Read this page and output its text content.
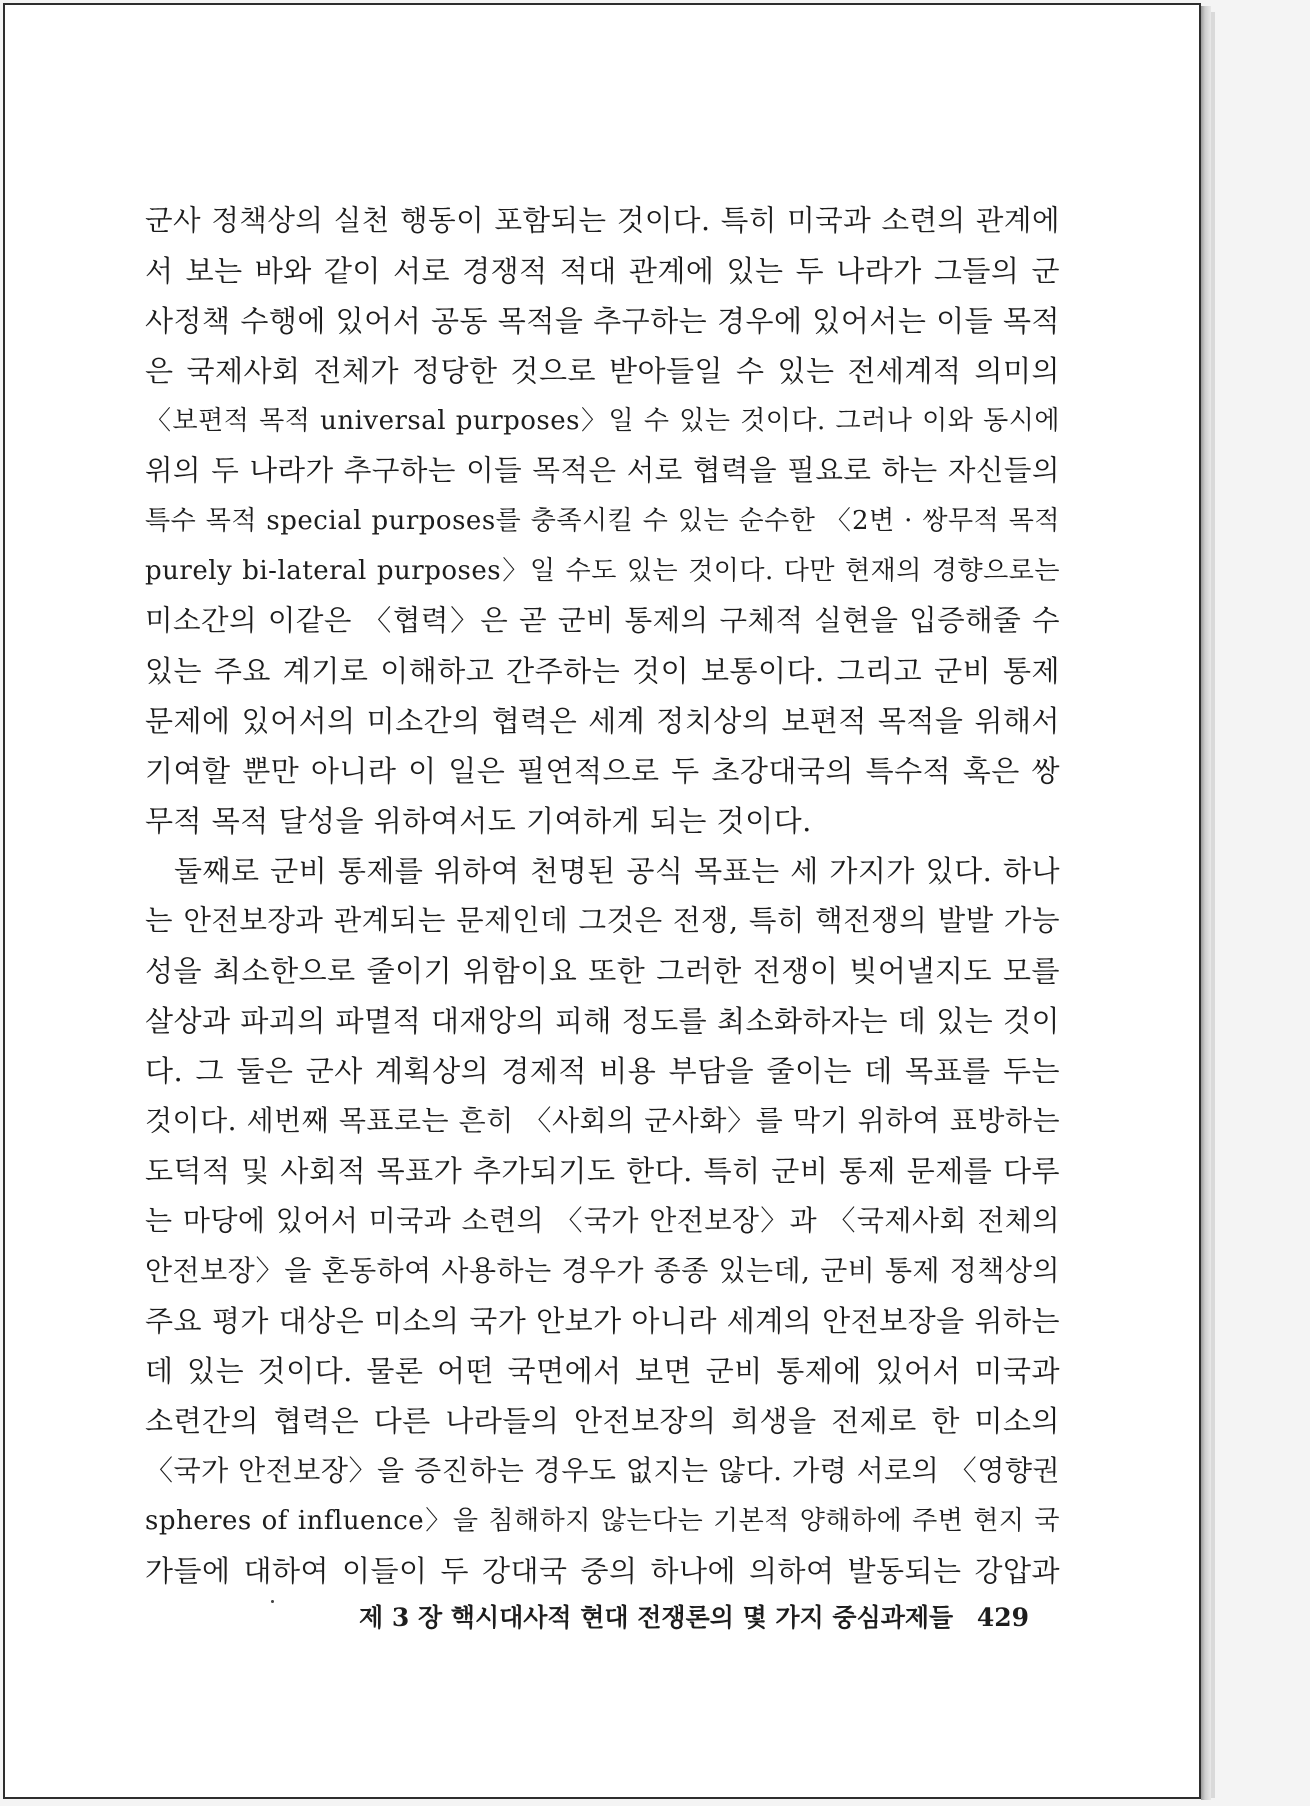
군사 정책상의 실천 행동이 포함되는 것이다. 특히 미국과 소련의 관계에
서 보는 바와 같이 서로 경쟁적 적대 관계에 있는 두 나라가 그들의 군
사정책 수행에 있어서 공동 목적을 추구하는 경우에 있어서는 이들 목적
은 국제사회 전체가 정당한 것으로 받아들일 수 있는 전세계적 의미의
〈보편적 목적 universal purposes〉일 수 있는 것이다. 그러나 이와 동시에
위의 두 나라가 추구하는 이들 목적은 서로 협력을 필요로 하는 자신들의
특수 목적 special purposes를 충족시킬 수 있는 순수한 〈2변 · 쌍무적 목적
purely bi-lateral purposes〉일 수도 있는 것이다. 다만 현재의 경향으로는
미소간의 이같은 〈협력〉은 곧 군비 통제의 구체적 실현을 입증해줄 수
있는 주요 계기로 이해하고 간주하는 것이 보통이다. 그리고 군비 통제
문제에 있어서의 미소간의 협력은 세계 정치상의 보편적 목적을 위해서
기여할 뿐만 아니라 이 일은 필연적으로 두 초강대국의 특수적 혹은 쌍
무적 목적 달성을 위하여서도 기여하게 되는 것이다.
둘째로 군비 통제를 위하여 천명된 공식 목표는 세 가지가 있다. 하나
는 안전보장과 관계되는 문제인데 그것은 전쟁, 특히 핵전쟁의 발발 가능
성을 최소한으로 줄이기 위함이요 또한 그러한 전쟁이 빚어낼지도 모를
살상과 파괴의 파멸적 대재앙의 피해 정도를 최소화하자는 데 있는 것이
다. 그 둘은 군사 계획상의 경제적 비용 부담을 줄이는 데 목표를 두는
것이다. 세번째 목표로는 흔히 〈사회의 군사화〉를 막기 위하여 표방하는
도덕적 및 사회적 목표가 추가되기도 한다. 특히 군비 통제 문제를 다루
는 마당에 있어서 미국과 소련의 〈국가 안전보장〉과 〈국제사회 전체의
안전보장〉을 혼동하여 사용하는 경우가 종종 있는데, 군비 통제 정책상의
주요 평가 대상은 미소의 국가 안보가 아니라 세계의 안전보장을 위하는
데 있는 것이다. 물론 어떤 국면에서 보면 군비 통제에 있어서 미국과
소련간의 협력은 다른 나라들의 안전보장의 희생을 전제로 한 미소의
〈국가 안전보장〉을 증진하는 경우도 없지는 않다. 가령 서로의 〈영향권
spheres of influence〉을 침해하지 않는다는 기본적 양해하에 주변 현지 국
가들에 대하여 이들이 두 강대국 중의 하나에 의하여 발동되는 강압과
제 3 장 핵시대사적 현대 전쟁론의 몇 가지 중심과제들 429
